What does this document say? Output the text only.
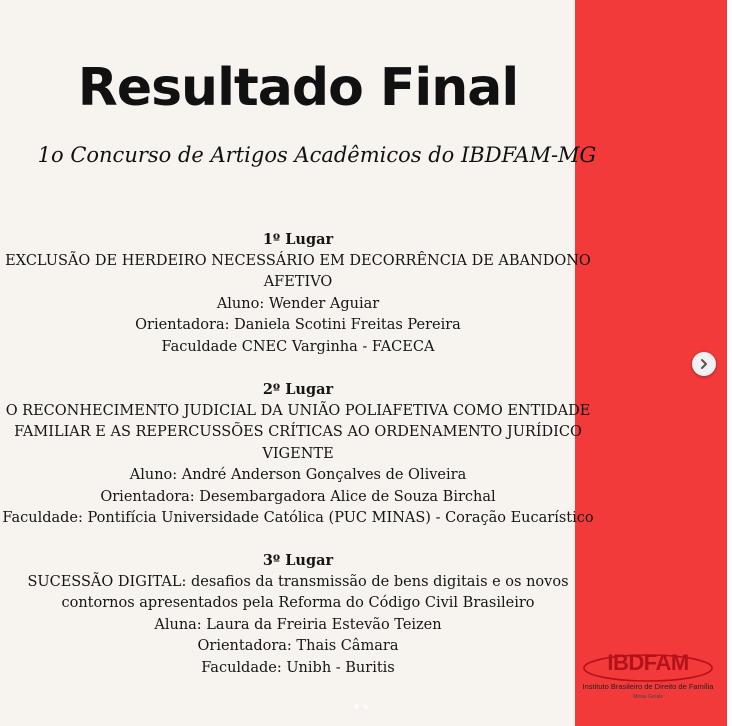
Resultado Final
1o Concurso de Artigos Acadêmicos do IBDFAM-MG
1º Lugar
EXCLUSÃO DE HERDEIRO NECESSÁRIO EM DECORRÊNCIA DE ABANDONO
AFETIVO
Aluno: Wender Aguiar
Orientadora: Daniela Scotini Freitas Pereira
Faculdade CNEC Varginha - FACECA
2º Lugar
O RECONHECIMENTO JUDICIAL DA UNIÃO POLIAFETIVA COMO ENTIDADE
FAMILIAR E AS REPERCUSSÕES CRÍTICAS AO ORDENAMENTO JURÍDICO
VIGENTE
Aluno: André Anderson Gonçalves de Oliveira
Orientadora: Desembargadora Alice de Souza Birchal
Faculdade: Pontifícia Universidade Católica (PUC MINAS) - Coração Eucarístico
3º Lugar
SUCESSÃO DIGITAL: desafios da transmissão de bens digitais e os novos
contornos apresentados pela Reforma do Código Civil Brasileiro
Aluna: Laura da Freiria Estevão Teizen
Orientadora: Thais Câmara
Faculdade: Unibh - Buritis	IBDFAM
Instituto Brasileiro de Direito de Família
Minas Gerais
